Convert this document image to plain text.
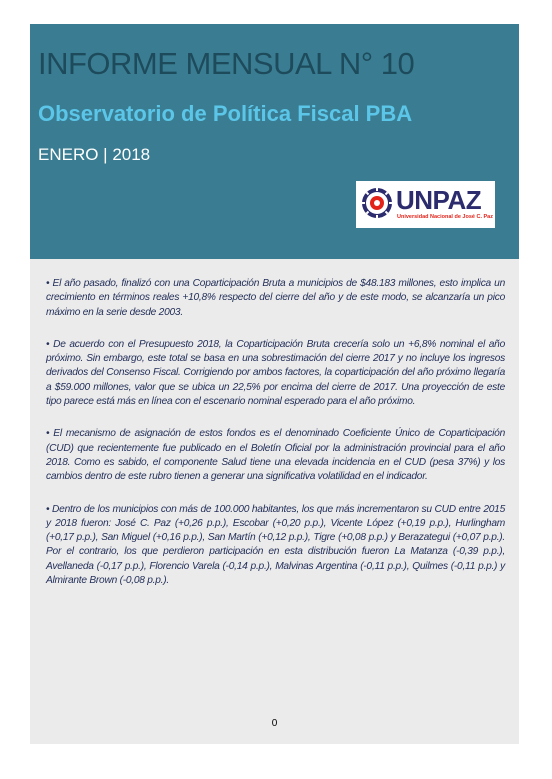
INFORME MENSUAL N° 10
Observatorio de Política Fiscal PBA
ENERO | 2018
UNPAZ
Universidad Nacional de José C. Paz

• El año pasado, finalizó con una Coparticipación Bruta a municipios de $48.183 millones, esto implica un crecimiento en términos reales +10,8% respecto del cierre del año y de este modo, se alcanzaría un pico máximo en la serie desde 2003.

• De acuerdo con el Presupuesto 2018, la Coparticipación Bruta crecería solo un +6,8% nominal el año próximo. Sin embargo, este total se basa en una sobrestimación del cierre 2017 y no incluye los ingresos derivados del Consenso Fiscal. Corrigiendo por ambos factores, la coparticipación del año próximo llegaría a $59.000 millones, valor que se ubica un 22,5% por encima del cierre de 2017. Una proyección de este tipo parece está más en línea con el escenario nominal esperado para el año próximo.

• El mecanismo de asignación de estos fondos es el denominado Coeficiente Único de Coparticipación (CUD) que recientemente fue publicado en el Boletín Oficial por la administración provincial para el año 2018. Como es sabido, el componente Salud tiene una elevada incidencia en el CUD (pesa 37%) y los cambios dentro de este rubro tienen a generar una significativa volatilidad en el indicador.

• Dentro de los municipios con más de 100.000 habitantes, los que más incrementaron su CUD entre 2015 y 2018 fueron: José C. Paz (+0,26 p.p.), Escobar (+0,20 p.p.), Vicente López (+0,19 p.p.), Hurlingham (+0,17 p.p.), San Miguel (+0,16 p.p.), San Martín (+0,12 p.p.), Tigre (+0,08 p.p.) y Berazategui (+0,07 p.p.). Por el contrario, los que perdieron participación en esta distribución fueron La Matanza (-0,39 p.p.), Avellaneda (-0,17 p.p.), Florencio Varela (-0,14 p.p.), Malvinas Argentina (-0,11 p.p.), Quilmes (-0,11 p.p.) y Almirante Brown (-0,08 p.p.).

0
